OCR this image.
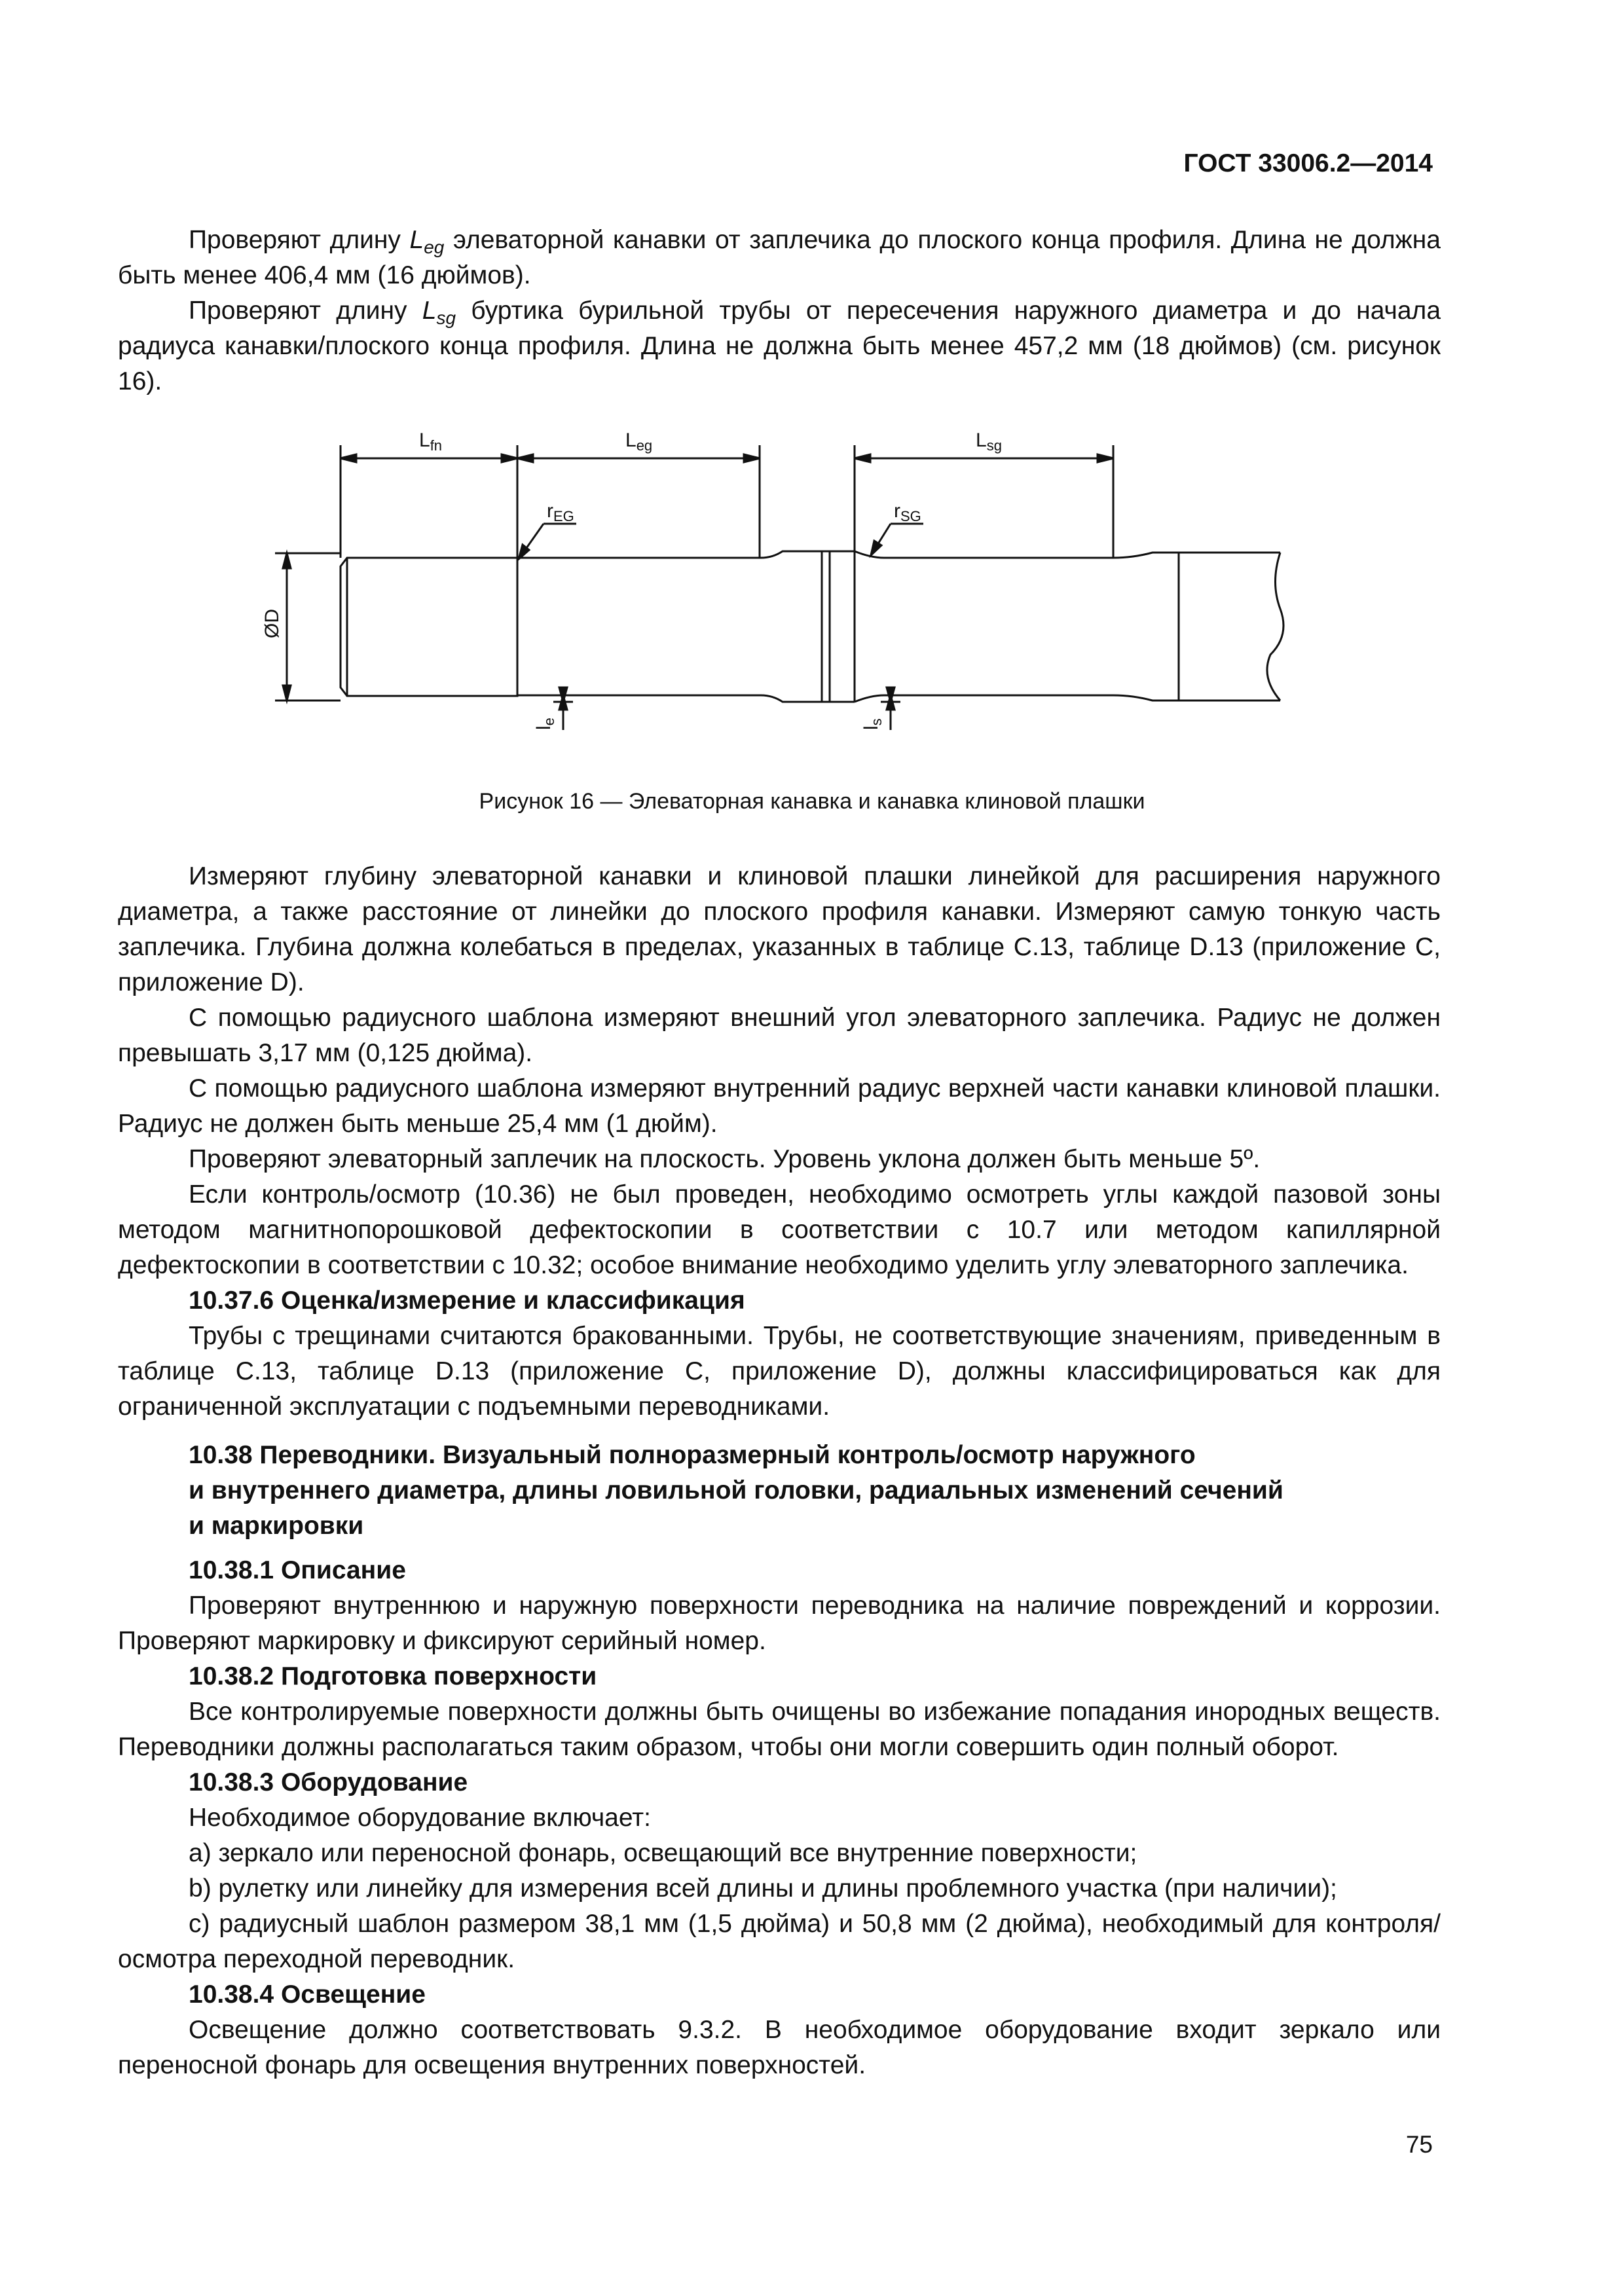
ГОСТ 33006.2—2014

Проверяют длину $L_{eg}$ элеваторной канавки от заплечика до плоского конца профиля. Длина не должна быть менее 406,4 мм (16 дюймов).

Проверяют длину $L_{sg}$ буртика бурильной трубы от пересечения наружного диаметра и до начала радиуса канавки/плоского конца профиля. Длина не должна быть менее 457,2 мм (18 дюймов) (см. рисунок 16).

$L_{fn}$	$L_{eg}$	$L_{sg}$
$r_{EG}$	$r_{SG}$
ØD
$l_e$
$l_s$
Рисунок 16 — Элеваторная канавка и канавка клиновой плашки

Измеряют глубину элеваторной канавки и клиновой плашки линейкой для расширения наружного диаметра, а также расстояние от линейки до плоского профиля канавки. Измеряют самую тонкую часть заплечика. Глубина должна колебаться в пределах, указанных в таблице С.13, таблице D.13 (приложение С, приложение D).

С помощью радиусного шаблона измеряют внешний угол элеваторного заплечика. Радиус не должен превышать 3,17 мм (0,125 дюйма).

С помощью радиусного шаблона измеряют внутренний радиус верхней части канавки клиновой плашки. Радиус не должен быть меньше 25,4 мм (1 дюйм).

Проверяют элеваторный заплечик на плоскость. Уровень уклона должен быть меньше 5º.

Если контроль/осмотр (10.36) не был проведен, необходимо осмотреть углы каждой пазовой зоны методом магнитнопорошковой дефектоскопии в соответствии с 10.7 или методом капиллярной дефектоскопии в соответствии с 10.32; особое внимание необходимо уделить углу элеваторного заплечика.

10.37.6 Оценка/измерение и классификация

Трубы с трещинами считаются бракованными. Трубы, не соответствующие значениям, приведенным в таблице С.13, таблице D.13 (приложение С, приложение D), должны классифицироваться как для ограниченной эксплуатации с подъемными переводниками.

10.38 Переводники. Визуальный полноразмерный контроль/осмотр наружного
и внутреннего диаметра, длины ловильной головки, радиальных изменений сечений
и маркировки

10.38.1 Описание

Проверяют внутреннюю и наружную поверхности переводника на наличие повреждений и коррозии. Проверяют маркировку и фиксируют серийный номер.

10.38.2 Подготовка поверхности

Все контролируемые поверхности должны быть очищены во избежание попадания инородных веществ. Переводники должны располагаться таким образом, чтобы они могли совершить один полный оборот.

10.38.3 Оборудование

Необходимое оборудование включает:

a) зеркало или переносной фонарь, освещающий все внутренние поверхности;

b) рулетку или линейку для измерения всей длины и длины проблемного участка (при наличии);

c) радиусный шаблон размером 38,1 мм (1,5 дюйма) и 50,8 мм (2 дюйма), необходимый для контроля/осмотра переходной переводник.

10.38.4 Освещение

Освещение должно соответствовать 9.3.2. В необходимое оборудование входит зеркало или переносной фонарь для освещения внутренних поверхностей.

75
